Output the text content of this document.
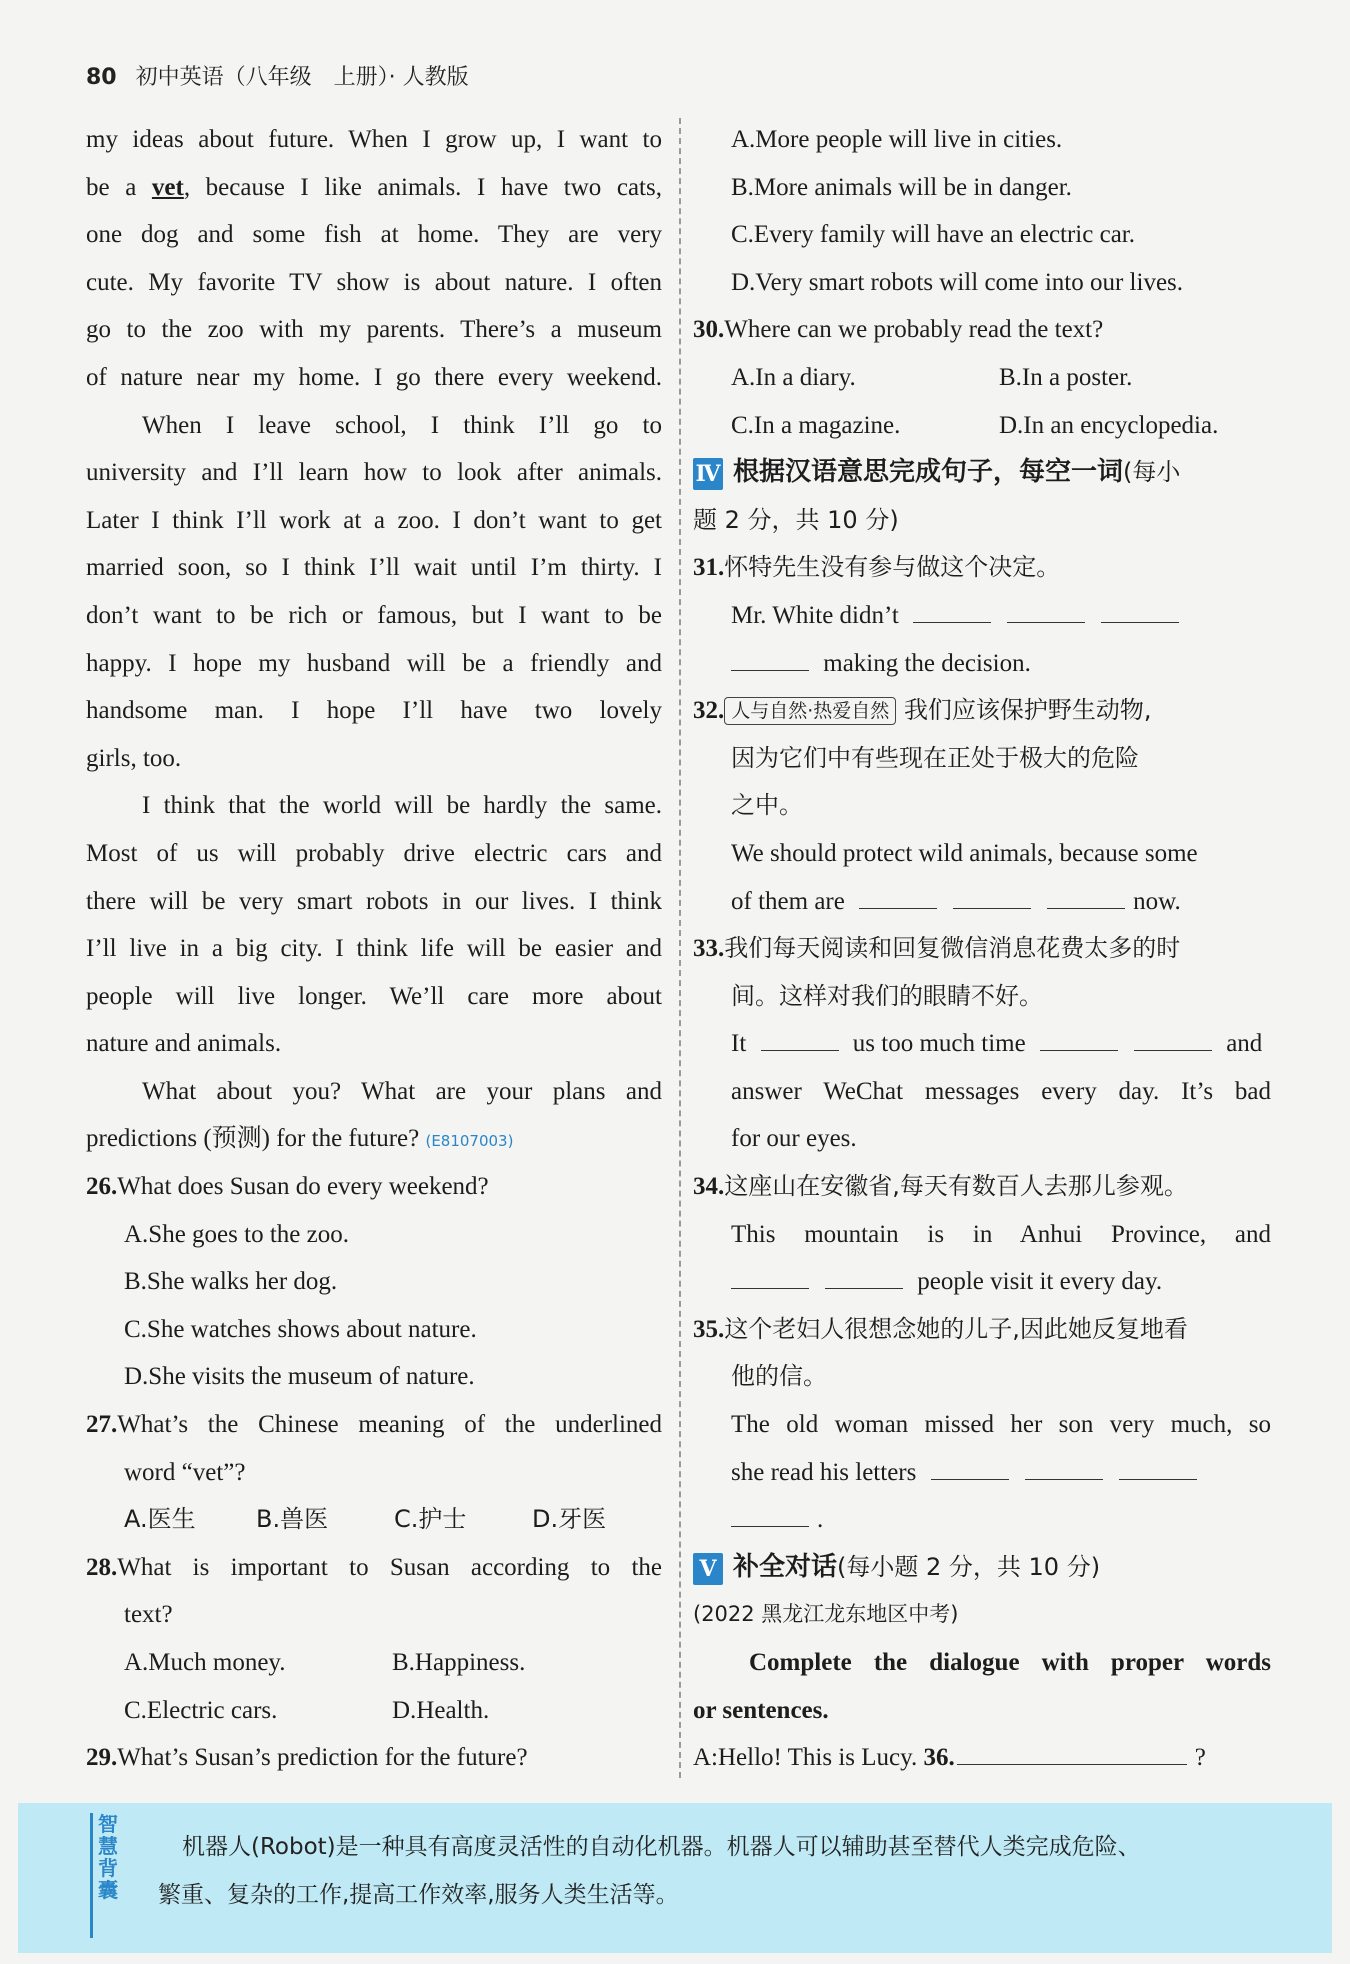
80 初中英语（八年级　上册）· 人教版
my ideas about future. When I grow up, I want to
be a vet, because I like animals. I have two cats,
one dog and some fish at home. They are very
cute. My favorite TV show is about nature. I often
go to the zoo with my parents. There’s a museum
of nature near my home. I go there every weekend.
When I leave school, I think I’ll go to
university and I’ll learn how to look after animals.
Later I think I’ll work at a zoo. I don’t want to get
married soon, so I think I’ll wait until I’m thirty. I
don’t want to be rich or famous, but I want to be
happy. I hope my husband will be a friendly and
handsome man. I hope I’ll have two lovely
girls, too.
I think that the world will be hardly the same.
Most of us will probably drive electric cars and
there will be very smart robots in our lives. I think
I’ll live in a big city. I think life will be easier and
people will live longer. We’ll care more about
nature and animals.
What about you? What are your plans and
predictions (预测) for the future? (E8107003)
26.What does Susan do every weekend?
A.She goes to the zoo.
B.She walks her dog.
C.She watches shows about nature.
D.She visits the museum of nature.
27.What’s the Chinese meaning of the underlined
word “vet”?
A.医生	B.兽医	C.护士	D.牙医
28.What is important to Susan according to the
text?
A.Much money.	B.Happiness.
C.Electric cars.	D.Health.
29.What’s Susan’s prediction for the future?
A.More people will live in cities.
B.More animals will be in danger.
C.Every family will have an electric car.
D.Very smart robots will come into our lives.
30.Where can we probably read the text?
A.In a diary.	B.In a poster.
C.In a magazine.	D.In an encyclopedia.
Ⅳ 根据汉语意思完成句子，每空一词(每小
题 2 分，共 10 分)
31.怀特先生没有参与做这个决定。
Mr. White didn’t
making the decision.
32. 人与自然·热爱自然 我们应该保护野生动物,
因为它们中有些现在正处于极大的危险
之中。
We should protect wild animals, because some
of them are	now.
33.我们每天阅读和回复微信消息花费太多的时
间。这样对我们的眼睛不好。
It	us too much time	and
answer WeChat messages every day. It’s bad
for our eyes.
34.这座山在安徽省,每天有数百人去那儿参观。
This mountain is in Anhui Province, and
people visit it every day.
35.这个老妇人很想念她的儿子,因此她反复地看
他的信。
The old woman missed her son very much, so
she read his letters
.
Ⅴ 补全对话(每小题 2 分，共 10 分)
(2022 黑龙江龙东地区中考)
Complete the dialogue with proper words
or sentences.
A:Hello! This is Lucy. 36.	?
智慧背囊
机器人(Robot)是一种具有高度灵活性的自动化机器。机器人可以辅助甚至替代人类完成危险、
繁重、复杂的工作,提高工作效率,服务人类生活等。
